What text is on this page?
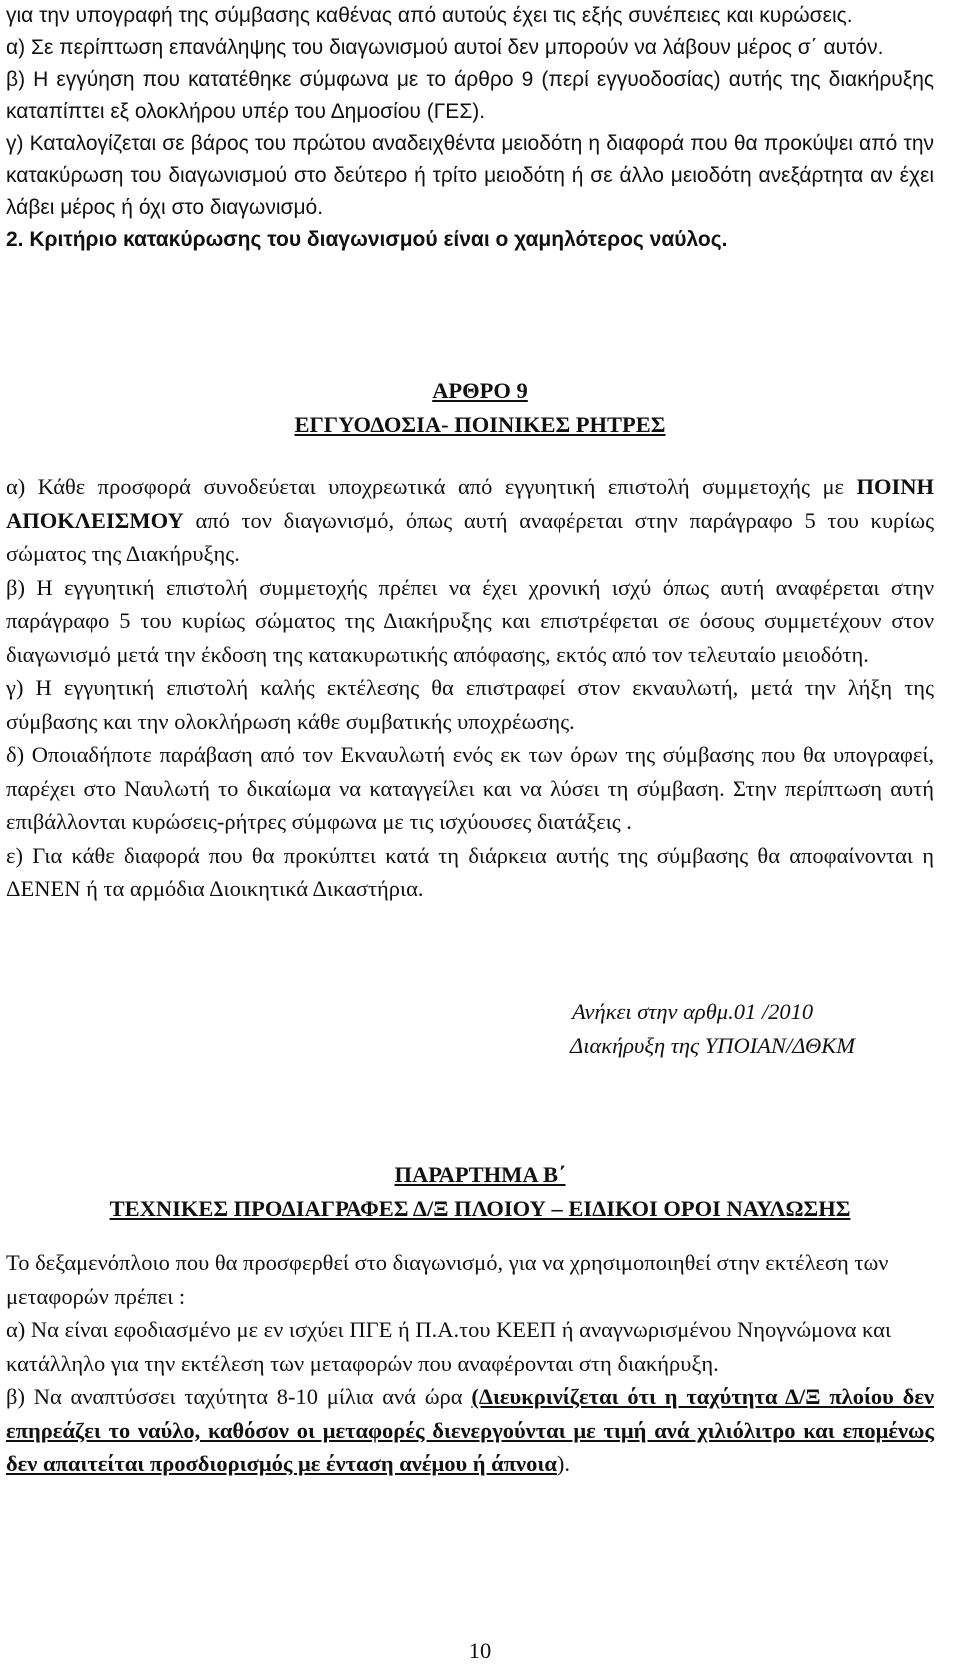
για την υπογραφή της σύμβασης καθένας από αυτούς έχει τις εξής συνέπειες και κυρώσεις.

α) Σε περίπτωση επανάληψης του διαγωνισμού αυτοί δεν μπορούν να λάβουν μέρος σ΄ αυτόν.

β) Η εγγύηση που κατατέθηκε σύμφωνα με το άρθρο 9 (περί εγγυοδοσίας) αυτής της διακήρυξης καταπίπτει εξ ολοκλήρου υπέρ του Δημοσίου (ΓΕΣ).

γ) Καταλογίζεται σε βάρος του πρώτου αναδειχθέντα μειοδότη η διαφορά που θα προκύψει από την κατακύρωση του διαγωνισμού στο δεύτερο ή τρίτο μειοδότη ή σε άλλο μειοδότη ανεξάρτητα αν έχει λάβει μέρος ή όχι στο διαγωνισμό.

2. Κριτήριο κατακύρωσης του διαγωνισμού είναι ο χαμηλότερος ναύλος.

ΑΡΘΡΟ 9

ΕΓΓΥΟΔΟΣΙΑ- ΠΟΙΝΙΚΕΣ ΡΗΤΡΕΣ

α) Κάθε προσφορά συνοδεύεται υποχρεωτικά από εγγυητική επιστολή συμμετοχής με ΠΟΙΝΗ ΑΠΟΚΛΕΙΣΜΟΥ από τον διαγωνισμό, όπως αυτή αναφέρεται στην παράγραφο 5 του κυρίως σώματος της Διακήρυξης.

β) Η εγγυητική επιστολή συμμετοχής πρέπει να έχει χρονική ισχύ όπως αυτή αναφέρεται στην παράγραφο 5 του κυρίως σώματος της Διακήρυξης και επιστρέφεται σε όσους συμμετέχουν στον διαγωνισμό μετά την έκδοση της κατακυρωτικής απόφασης, εκτός από τον τελευταίο μειοδότη.

γ) Η εγγυητική επιστολή καλής εκτέλεσης θα επιστραφεί στον εκναυλωτή, μετά την λήξη της σύμβασης και την ολοκλήρωση κάθε συμβατικής υποχρέωσης.

δ) Οποιαδήποτε παράβαση από τον Εκναυλωτή ενός εκ των όρων της σύμβασης που θα υπογραφεί, παρέχει στο Ναυλωτή το δικαίωμα να καταγγείλει και να λύσει τη σύμβαση. Στην περίπτωση αυτή επιβάλλονται κυρώσεις-ρήτρες σύμφωνα με τις ισχύουσες διατάξεις .

ε) Για κάθε διαφορά που θα προκύπτει κατά τη διάρκεια αυτής της σύμβασης θα αποφαίνονται η ΔΕΝΕΝ ή τα αρμόδια Διοικητικά Δικαστήρια.

Ανήκει στην αρθμ.01 /2010

Διακήρυξη της ΥΠΟΙΑΝ/ΔΘΚΜ

ΠΑΡΑΡΤΗΜΑ Β΄

ΤΕΧΝΙΚΕΣ ΠΡΟΔΙΑΓΡΑΦΕΣ Δ/Ξ ΠΛΟΙΟΥ – ΕΙΔΙΚΟΙ ΟΡΟΙ ΝΑΥΛΩΣΗΣ

Το δεξαμενόπλοιο που θα προσφερθεί στο διαγωνισμό, για να χρησιμοποιηθεί στην εκτέλεση των μεταφορών πρέπει :

α) Να είναι εφοδιασμένο με εν ισχύει ΠΓΕ ή Π.Α.του ΚΕΕΠ ή αναγνωρισμένου Νηογνώμονα και κατάλληλο για την εκτέλεση των μεταφορών που αναφέρονται στη διακήρυξη.

β) Να αναπτύσσει ταχύτητα 8-10 μίλια ανά ώρα (Διευκρινίζεται ότι η ταχύτητα Δ/Ξ πλοίου δεν επηρεάζει το ναύλο, καθόσον οι μεταφορές διενεργούνται με τιμή ανά χιλιόλιτρο και επομένως δεν απαιτείται προσδιορισμός με ένταση ανέμου ή άπνοια).

10
